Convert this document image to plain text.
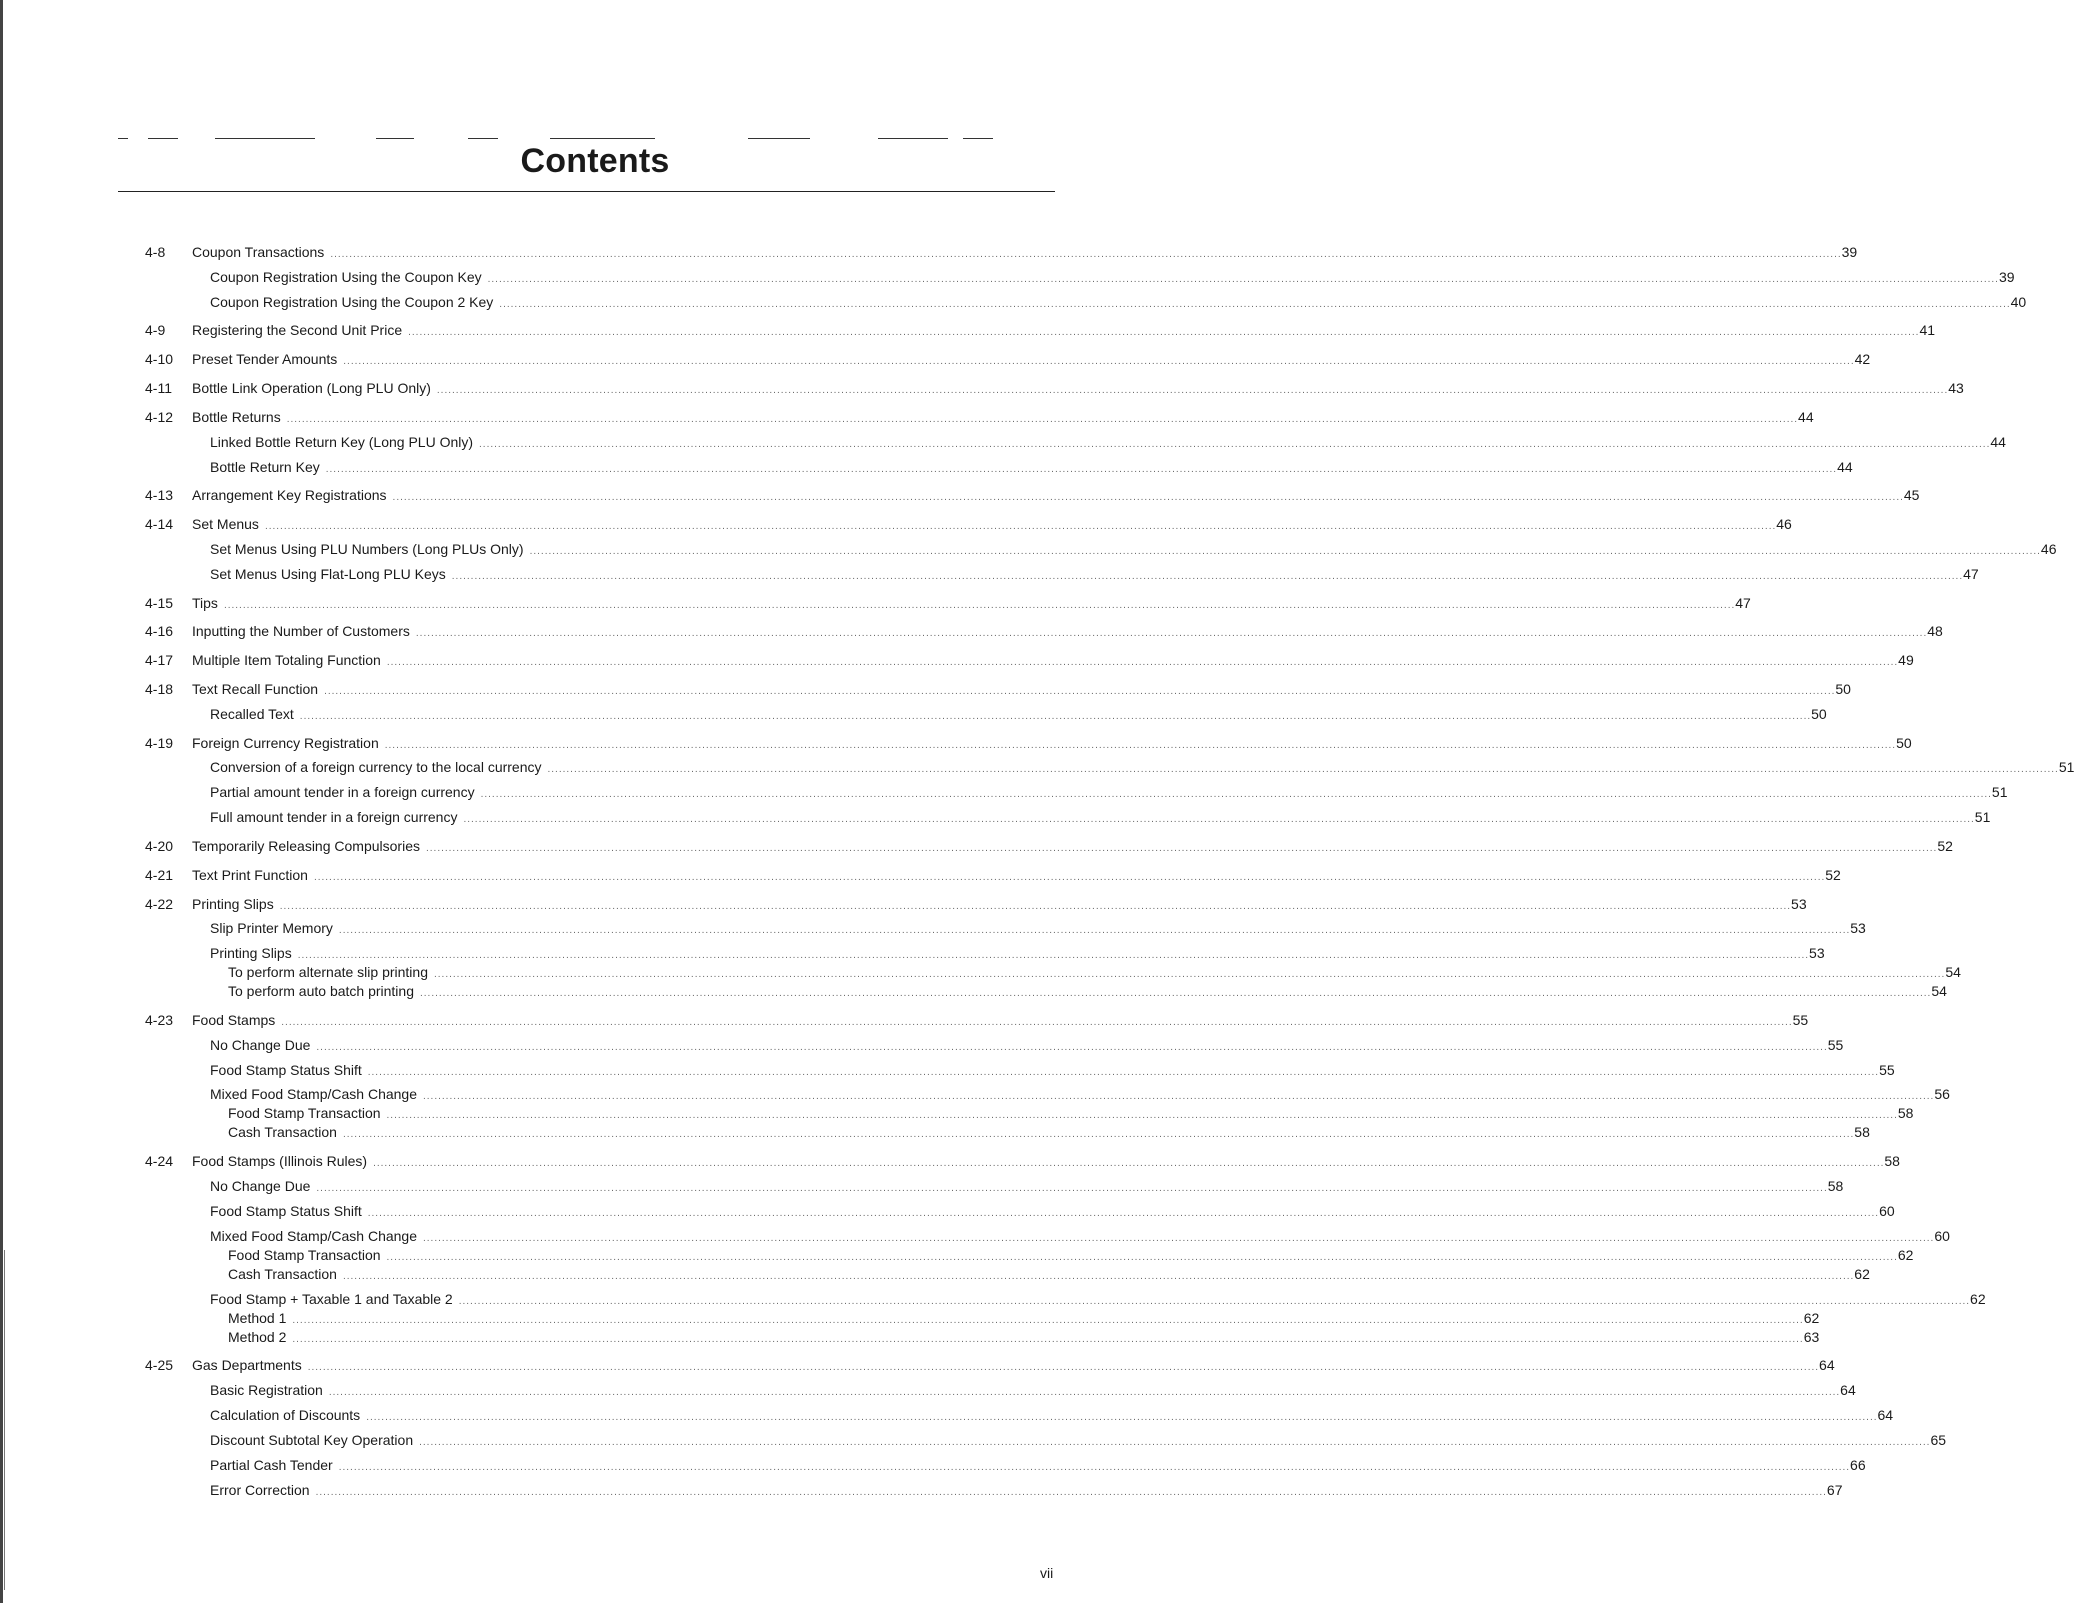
Contents
4-8 Coupon Transactions ................................................................................................................................................................................................................................................................................................................................................................................................................ 39
Coupon Registration Using the Coupon Key ................................................................................................................................................................................................................................................................................................................................................................................................................ 39
Coupon Registration Using the Coupon 2 Key ................................................................................................................................................................................................................................................................................................................................................................................................................ 40
4-9 Registering the Second Unit Price ................................................................................................................................................................................................................................................................................................................................................................................................................ 41
4-10 Preset Tender Amounts ................................................................................................................................................................................................................................................................................................................................................................................................................ 42
4-11 Bottle Link Operation (Long PLU Only) ................................................................................................................................................................................................................................................................................................................................................................................................................ 43
4-12 Bottle Returns ................................................................................................................................................................................................................................................................................................................................................................................................................ 44
Linked Bottle Return Key (Long PLU Only) ................................................................................................................................................................................................................................................................................................................................................................................................................ 44
Bottle Return Key ................................................................................................................................................................................................................................................................................................................................................................................................................ 44
4-13 Arrangement Key Registrations ................................................................................................................................................................................................................................................................................................................................................................................................................ 45
4-14 Set Menus ................................................................................................................................................................................................................................................................................................................................................................................................................ 46
Set Menus Using PLU Numbers (Long PLUs Only) ................................................................................................................................................................................................................................................................................................................................................................................................................ 46
Set Menus Using Flat-Long PLU Keys ................................................................................................................................................................................................................................................................................................................................................................................................................ 47
4-15 Tips ................................................................................................................................................................................................................................................................................................................................................................................................................ 47
4-16 Inputting the Number of Customers ................................................................................................................................................................................................................................................................................................................................................................................................................ 48
4-17 Multiple Item Totaling Function ................................................................................................................................................................................................................................................................................................................................................................................................................ 49
4-18 Text Recall Function ................................................................................................................................................................................................................................................................................................................................................................................................................ 50
Recalled Text ................................................................................................................................................................................................................................................................................................................................................................................................................ 50
4-19 Foreign Currency Registration ................................................................................................................................................................................................................................................................................................................................................................................................................ 50
Conversion of a foreign currency to the local currency ................................................................................................................................................................................................................................................................................................................................................................................................................ 51
Partial amount tender in a foreign currency ................................................................................................................................................................................................................................................................................................................................................................................................................ 51
Full amount tender in a foreign currency ................................................................................................................................................................................................................................................................................................................................................................................................................ 51
4-20 Temporarily Releasing Compulsories ................................................................................................................................................................................................................................................................................................................................................................................................................ 52
4-21 Text Print Function ................................................................................................................................................................................................................................................................................................................................................................................................................ 52
4-22 Printing Slips ................................................................................................................................................................................................................................................................................................................................................................................................................ 53
Slip Printer Memory ................................................................................................................................................................................................................................................................................................................................................................................................................ 53
Printing Slips ................................................................................................................................................................................................................................................................................................................................................................................................................ 53
To perform alternate slip printing ................................................................................................................................................................................................................................................................................................................................................................................................................ 54
To perform auto batch printing ................................................................................................................................................................................................................................................................................................................................................................................................................ 54
4-23 Food Stamps ................................................................................................................................................................................................................................................................................................................................................................................................................ 55
No Change Due ................................................................................................................................................................................................................................................................................................................................................................................................................ 55
Food Stamp Status Shift ................................................................................................................................................................................................................................................................................................................................................................................................................ 55
Mixed Food Stamp/Cash Change ................................................................................................................................................................................................................................................................................................................................................................................................................ 56
Food Stamp Transaction ................................................................................................................................................................................................................................................................................................................................................................................................................ 58
Cash Transaction ................................................................................................................................................................................................................................................................................................................................................................................................................ 58
4-24 Food Stamps (Illinois Rules) ................................................................................................................................................................................................................................................................................................................................................................................................................ 58
No Change Due ................................................................................................................................................................................................................................................................................................................................................................................................................ 58
Food Stamp Status Shift ................................................................................................................................................................................................................................................................................................................................................................................................................ 60
Mixed Food Stamp/Cash Change ................................................................................................................................................................................................................................................................................................................................................................................................................ 60
Food Stamp Transaction ................................................................................................................................................................................................................................................................................................................................................................................................................ 62
Cash Transaction ................................................................................................................................................................................................................................................................................................................................................................................................................ 62
Food Stamp + Taxable 1 and Taxable 2 ................................................................................................................................................................................................................................................................................................................................................................................................................ 62
Method 1 ................................................................................................................................................................................................................................................................................................................................................................................................................ 62
Method 2 ................................................................................................................................................................................................................................................................................................................................................................................................................ 63
4-25 Gas Departments ................................................................................................................................................................................................................................................................................................................................................................................................................ 64
Basic Registration ................................................................................................................................................................................................................................................................................................................................................................................................................ 64
Calculation of Discounts ................................................................................................................................................................................................................................................................................................................................................................................................................ 64
Discount Subtotal Key Operation ................................................................................................................................................................................................................................................................................................................................................................................................................ 65
Partial Cash Tender ................................................................................................................................................................................................................................................................................................................................................................................................................ 66
Error Correction ................................................................................................................................................................................................................................................................................................................................................................................................................ 67
vii
